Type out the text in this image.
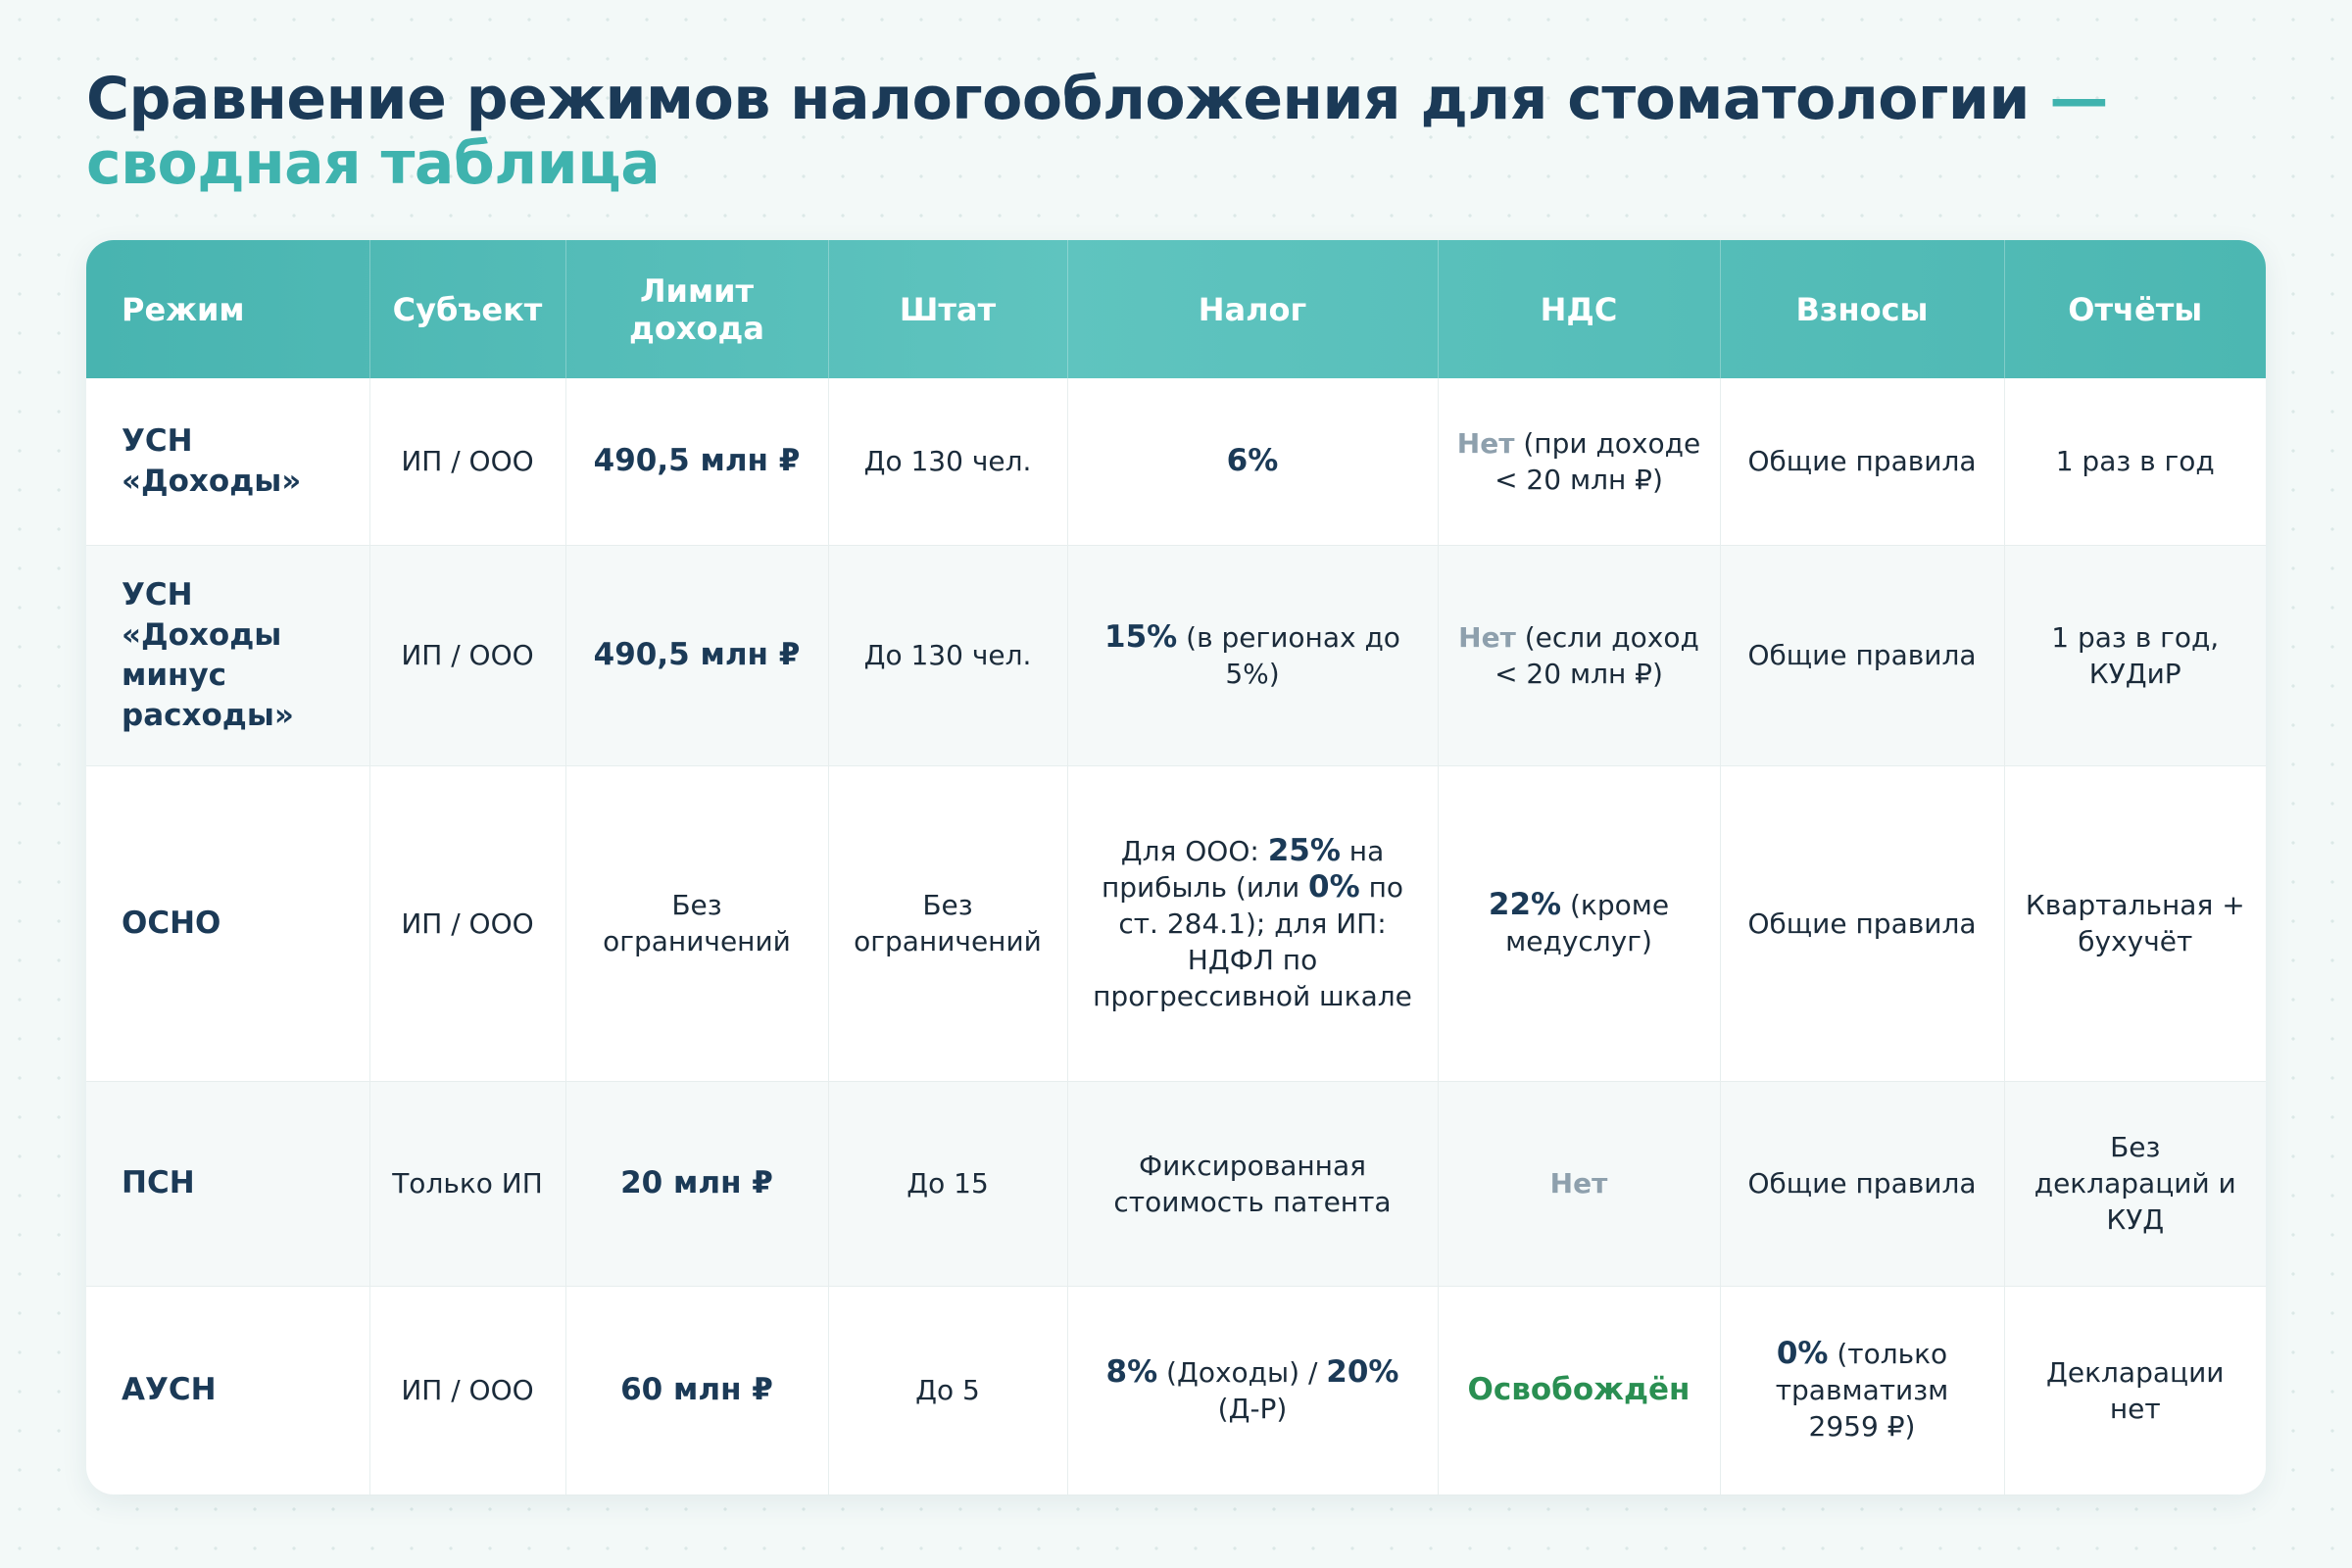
Сравнение режимов налогообложения для стоматологии —
сводная таблица
Режим	Субъект	Лимит дохода	Штат	Налог	НДС	Взносы	Отчёты

УСН «Доходы»	ИП / ООО	490,5 млн ₽	До 130 чел.	6%	Нет (при доходе < 20 млн ₽)	Общие правила	1 раз в год
УСН «Доходы минус расходы»	ИП / ООО	490,5 млн ₽	До 130 чел.	15% (в регионах до 5%)	Нет (если доход < 20 млн ₽)	Общие правила	1 раз в год, КУДиР

ОСНО	ИП / ООО	Без ограничений	Без ограничений	Для ООО: 25% на прибыль (или 0% по ст. 284.1); для ИП: НДФЛ по прогрессивной шкале	22% (кроме медуслуг)	Общие правила	Квартальная + бухучёт
ПСН	Только ИП	20 млн ₽	До 15	Фиксированная стоимость патента	Нет	Общие правила	Без деклараций и КУД

АУСН	ИП / ООО	60 млн ₽	До 5	8% (Доходы) / 20% (Д-Р)	Освобождён	0% (только травматизм 2959 ₽)	Декларации нет
